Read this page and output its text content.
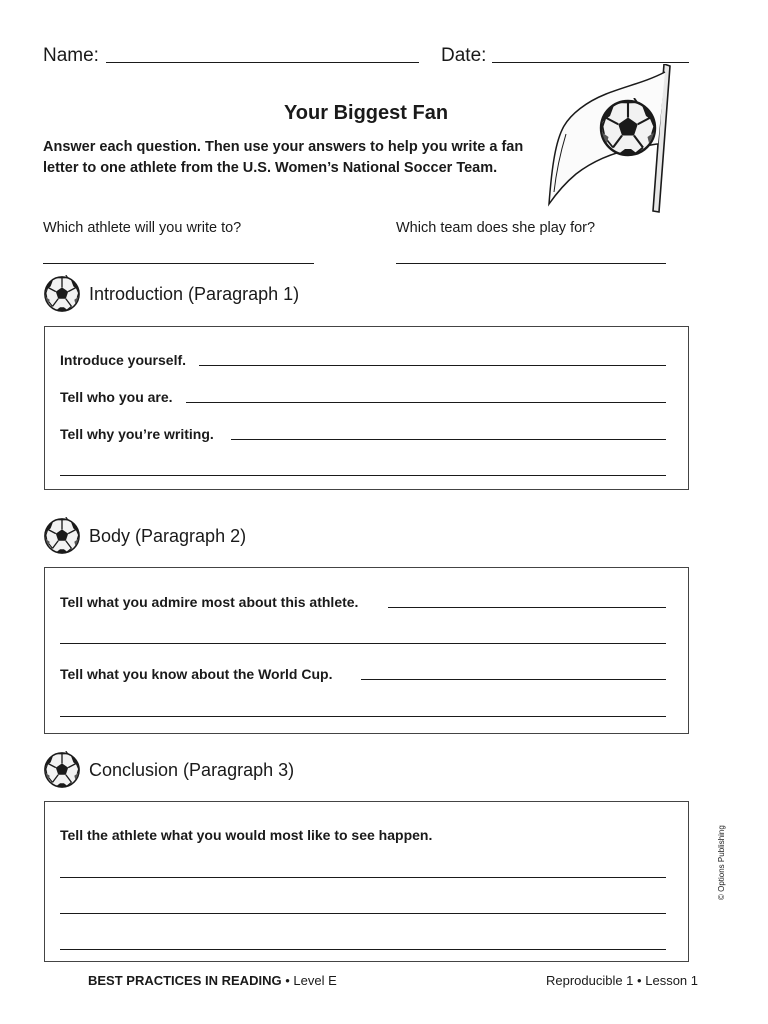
Name:	Date:
Your Biggest Fan
Answer each question. Then use your answers to help you write a fan letter to one athlete from the U.S. Women’s National Soccer Team.
Which athlete will you write to?	Which team does she play for?
Introduction (Paragraph 1)
Introduce yourself.
Tell who you are.
Tell why you’re writing.
Body (Paragraph 2)
Tell what you admire most about this athlete.
Tell what you know about the World Cup.
Conclusion (Paragraph 3)
Tell the athlete what you would most like to see happen.	© Options Publishing
BEST PRACTICES IN READING • Level E	Reproducible 1 • Lesson 1
